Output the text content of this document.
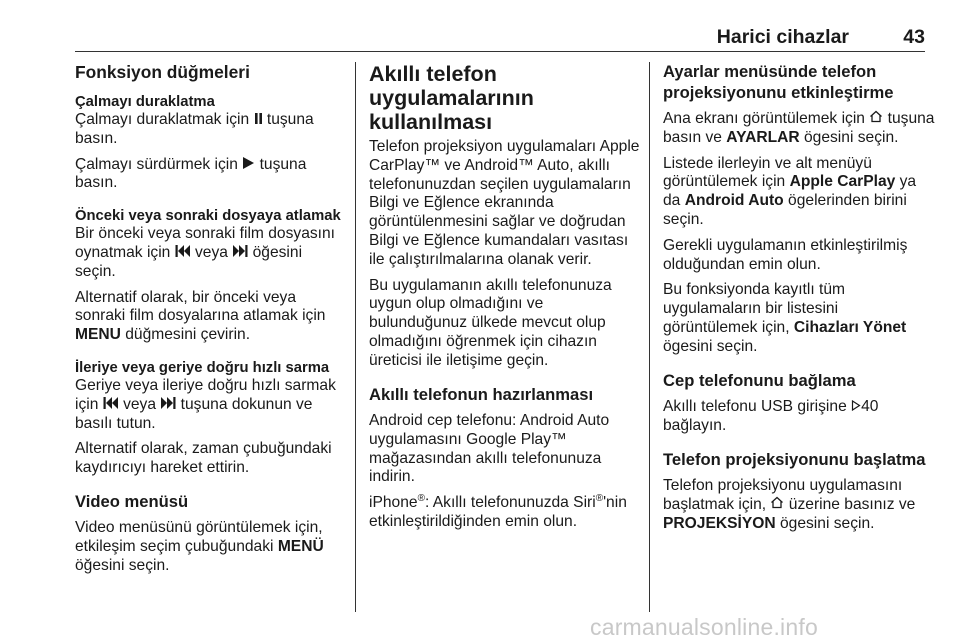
Harici cihazlar	43
Fonksiyon düğmeleri
Çalmayı duraklatma
Çalmayı duraklatmak için  tuşuna basın.
Çalmayı sürdürmek için  tuşuna basın.
Önceki veya sonraki dosyaya atlamak
Bir önceki veya sonraki film dosyasını oynatmak için  veya  öğesini seçin.
Alternatif olarak, bir önceki veya sonraki film dosyalarına atlamak için MENU düğmesini çevirin.
İleriye veya geriye doğru hızlı sarma
Geriye veya ileriye doğru hızlı sarmak için  veya  tuşuna dokunun ve basılı tutun.
Alternatif olarak, zaman çubuğundaki kaydırıcıyı hareket ettirin.
Video menüsü
Video menüsünü görüntülemek için, etkileşim seçim çubuğundaki MENÜ öğesini seçin.
Akıllı telefon uygulamalarının kullanılması
Telefon projeksiyon uygulamaları Apple CarPlay™ ve Android™ Auto, akıllı telefonunuzdan seçilen uygulamaların Bilgi ve Eğlence ekranında görüntülenmesini sağlar ve doğrudan Bilgi ve Eğlence kumandaları vasıtası ile çalıştırılmalarına olanak verir.
Bu uygulamanın akıllı telefonunuza uygun olup olmadığını ve bulunduğunuz ülkede mevcut olup olmadığını öğrenmek için cihazın üreticisi ile iletişime geçin.
Akıllı telefonun hazırlanması
Android cep telefonu: Android Auto uygulamasını Google Play™ mağazasından akıllı telefonunuza indirin.
iPhone®: Akıllı telefonunuzda Siri®'nin etkinleştirildiğinden emin olun.
Ayarlar menüsünde telefon projeksiyonunu etkinleştirme
Ana ekranı görüntülemek için  tuşuna basın ve AYARLAR ögesini seçin.
Listede ilerleyin ve alt menüyü görüntülemek için Apple CarPlay ya da Android Auto ögelerinden birini seçin.
Gerekli uygulamanın etkinleştirilmiş olduğundan emin olun.
Bu fonksiyonda kayıtlı tüm uygulamaların bir listesini görüntülemek için, Cihazları Yönet ögesini seçin.
Cep telefonunu bağlama
Akıllı telefonu USB girişine 40 bağlayın.
Telefon projeksiyonunu başlatma
Telefon projeksiyonu uygulamasını başlatmak için,  üzerine basınız ve PROJEKSİYON ögesini seçin.
carmanualsonline.info
